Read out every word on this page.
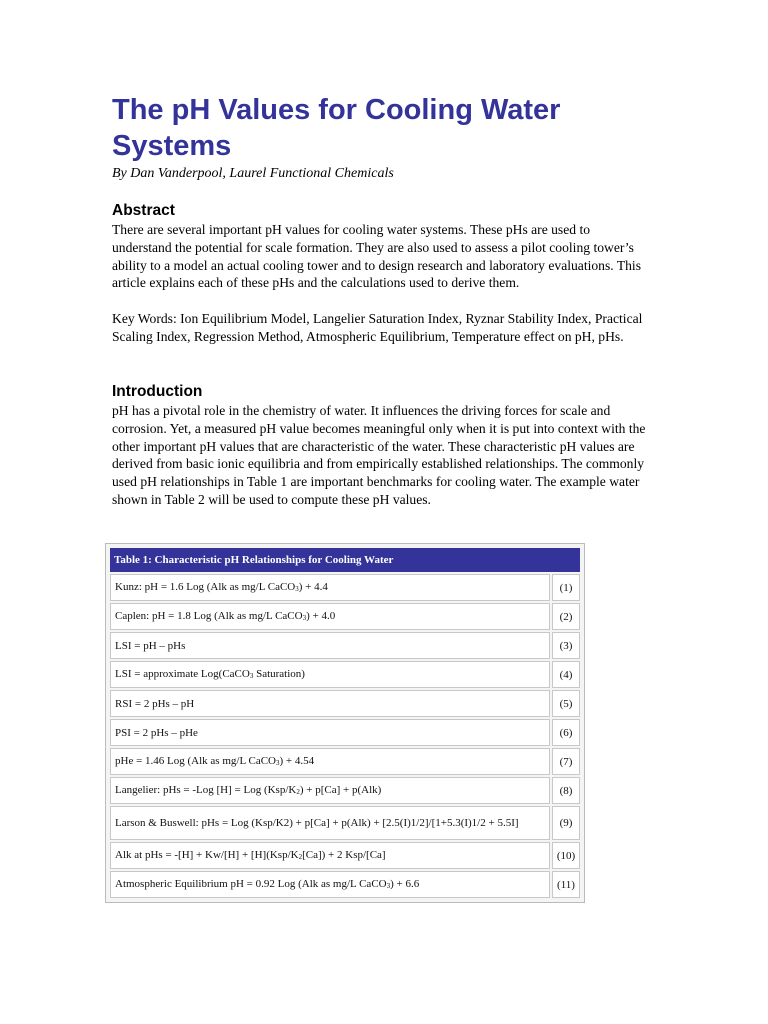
The pH Values for Cooling Water Systems

By Dan Vanderpool, Laurel Functional Chemicals

Abstract

There are several important pH values for cooling water systems. These pHs are used to understand the potential for scale formation. They are also used to assess a pilot cooling tower’s ability to a model an actual cooling tower and to design research and laboratory evaluations. This article explains each of these pHs and the calculations used to derive them.

Key Words: Ion Equilibrium Model, Langelier Saturation Index, Ryznar Stability Index, Practical Scaling Index, Regression Method, Atmospheric Equilibrium, Temperature effect on pH, pHs.

Introduction

pH has a pivotal role in the chemistry of water. It influences the driving forces for scale and corrosion. Yet, a measured pH value becomes meaningful only when it is put into context with the other important pH values that are characteristic of the water. These characteristic pH values are derived from basic ionic equilibria and from empirically established relationships. The commonly used pH relationships in Table 1 are important benchmarks for cooling water. The example water shown in Table 2 will be used to compute these pH values.

Table 1: Characteristic pH Relationships for Cooling Water	
Kunz: pH = 1.6 Log (Alk as mg/L CaCO$_3$) + 4.4	(1)
Caplen: pH = 1.8 Log (Alk as mg/L CaCO$_3$) + 4.0	(2)
LSI = pH – pHs	(3)
LSI = approximate Log(CaCO$_3$ Saturation)	(4)
RSI = 2 pHs – pH	(5)
PSI = 2 pHs – pHe	(6)
pHe = 1.46 Log (Alk as mg/L CaCO$_3$) + 4.54	(7)
Langelier: pHs = -Log [H] = Log $(Ksp/K_2) + p[Ca] + p(Alk)$	(8)
Larson & Buswell: pHs = Log (Ksp/K2) + p[Ca] + p(Alk) + [2.5(I)1/2]/[1+5.3(I)1/2 + 5.5I]	(9)
Alk at pHs = $-[H] + Kw/[H] + [H](Ksp/K_2[Ca]) + 2$ Ksp/[Ca]	(10)
Atmospheric Equilibrium pH = 0.92 Log (Alk as mg/L CaCO$_3$) + 6.6	(11)
